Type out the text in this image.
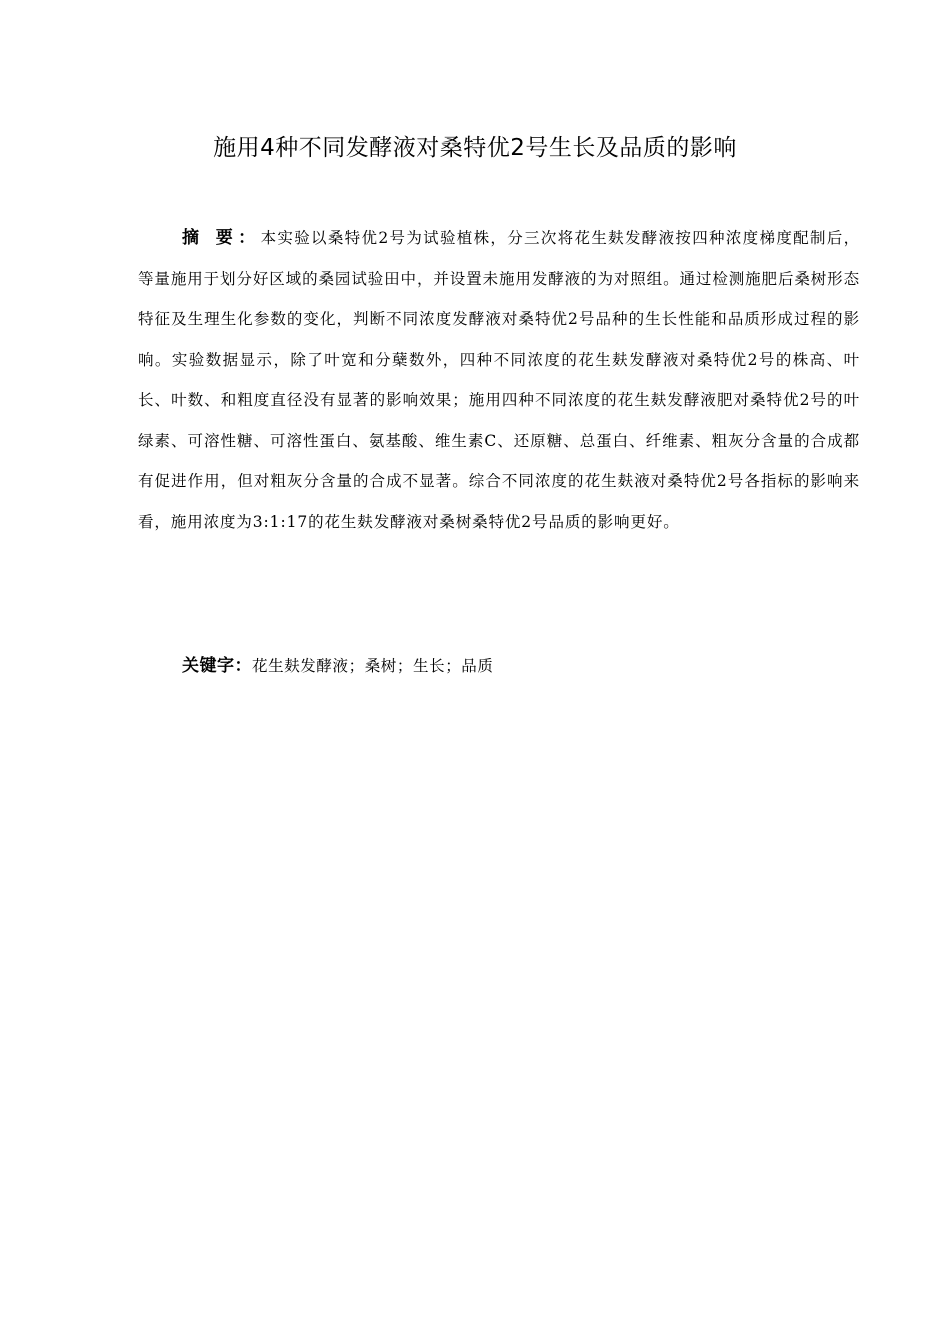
施用4种不同发酵液对桑特优2号生长及品质的影响

摘 要：本实验以桑特优2号为试验植株，分三次将花生麸发酵液按四种浓度梯度配制后，等量施用于划分好区域的桑园试验田中，并设置未施用发酵液的为对照组。通过检测施肥后桑树形态特征及生理生化参数的变化，判断不同浓度发酵液对桑特优2号品种的生长性能和品质形成过程的影响。实验数据显示，除了叶宽和分蘖数外，四种不同浓度的花生麸发酵液对桑特优2号的株高、叶长、叶数、和粗度直径没有显著的影响效果；施用四种不同浓度的花生麸发酵液肥对桑特优2号的叶绿素、可溶性糖、可溶性蛋白、氨基酸、维生素C、还原糖、总蛋白、纤维素、粗灰分含量的合成都有促进作用，但对粗灰分含量的合成不显著。综合不同浓度的花生麸液对桑特优2号各指标的影响来看，施用浓度为3:1:17的花生麸发酵液对桑树桑特优2号品质的影响更好。

关键字：花生麸发酵液；桑树；生长；品质
